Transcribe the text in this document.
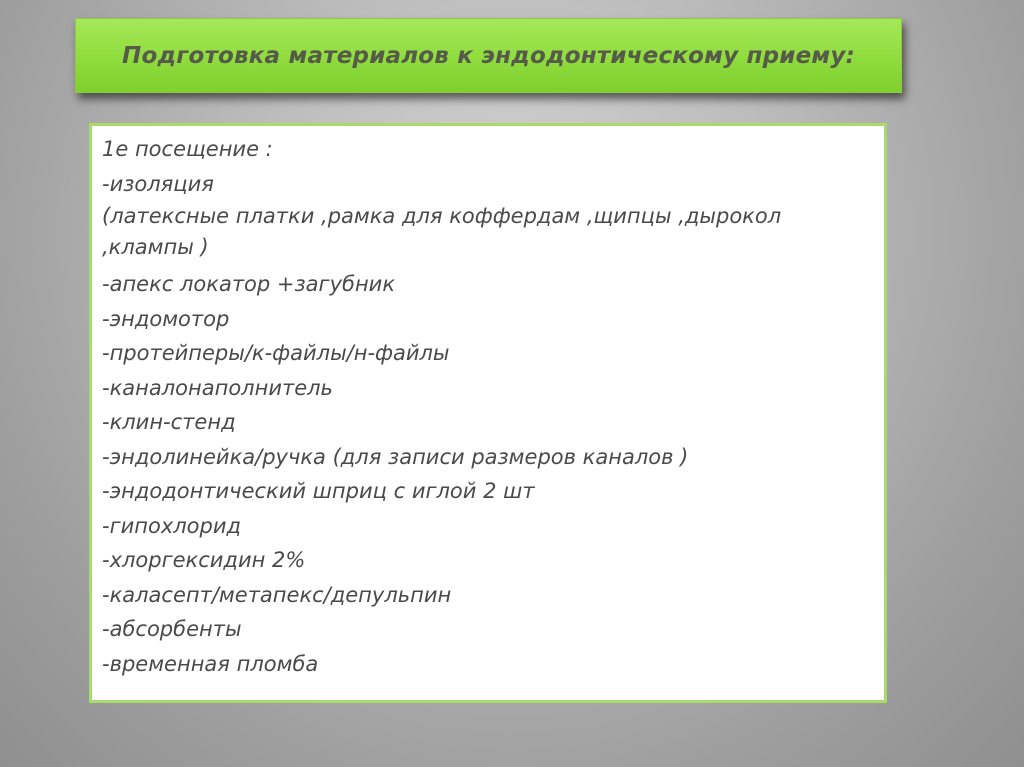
Подготовка материалов к эндодонтическому приему:

1е посещение :

-изоляция

(латексные платки ,рамка для коффердам ,щипцы ,дырокол ,клампы )

-апекс локатор +загубник

-эндомотор

-протейперы/к-файлы/н-файлы

-каналонаполнитель

-клин-стенд

-эндолинейка/ручка (для записи размеров каналов )

-эндодонтический шприц с иглой 2 шт

-гипохлорид

-хлоргексидин 2%

-каласепт/метапекс/депульпин

-абсорбенты

-временная пломба
